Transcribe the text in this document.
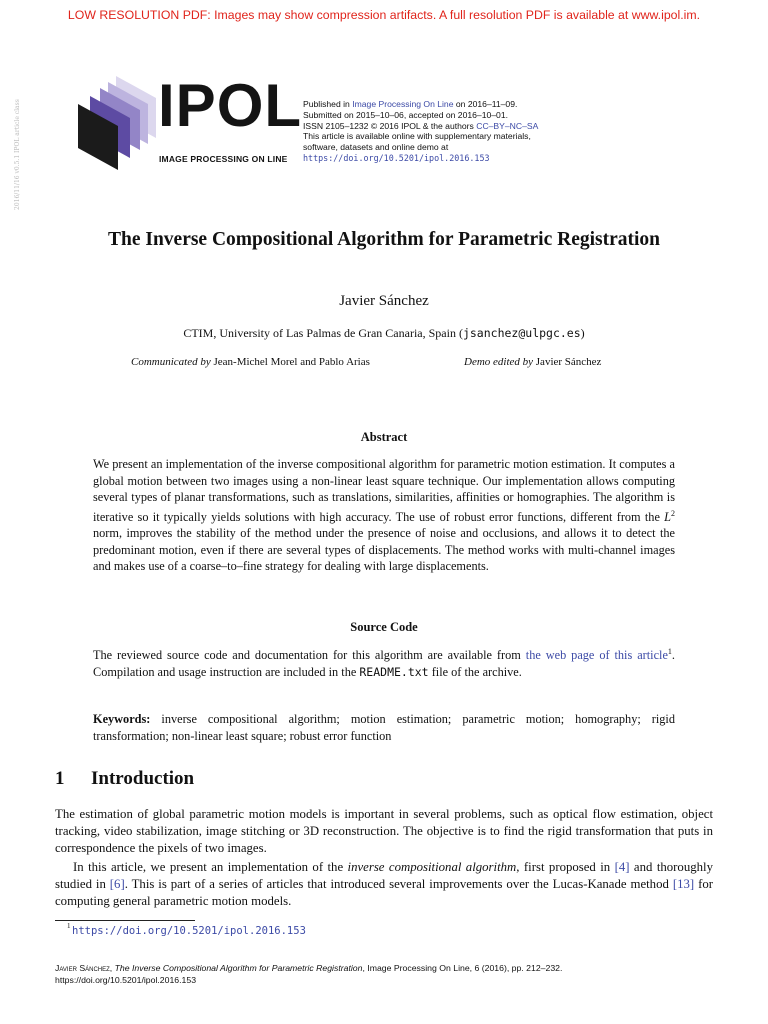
LOW RESOLUTION PDF: Images may show compression artifacts. A full resolution PDF is available at www.ipol.im.
2016/11/16 v0.5.1 IPOL article class IPOL
IMAGE PROCESSING ON LINE
Published in Image Processing On Line on 2016–11–09.
Submitted on 2015–10–06, accepted on 2016–10–01.
ISSN 2105–1232 © 2016 IPOL & the authors CC–BY–NC–SA
This article is available online with supplementary materials,
software, datasets and online demo at
https://doi.org/10.5201/ipol.2016.153
The Inverse Compositional Algorithm for Parametric Registration
Javier Sánchez
CTIM, University of Las Palmas de Gran Canaria, Spain (jsanchez@ulpgc.es)
Communicated by Jean-Michel Morel and Pablo Arias	Demo edited by Javier Sánchez
Abstract
We present an implementation of the inverse compositional algorithm for parametric motion estimation. It computes a global motion between two images using a non-linear least square technique. Our implementation allows computing several types of planar transformations, such as translations, similarities, affinities or homographies. The algorithm is iterative so it typically yields solutions with high accuracy. The use of robust error functions, different from the $L^2$ norm, improves the stability of the method under the presence of noise and occlusions, and allows it to detect the predominant motion, even if there are several types of displacements. The method works with multi-channel images and makes use of a coarse–to–fine strategy for dealing with large displacements.
Source Code
The reviewed source code and documentation for this algorithm are available from the web page of this article$^1$. Compilation and usage instruction are included in the README.txt file of the archive.
Keywords: inverse compositional algorithm; motion estimation; parametric motion; homography; rigid transformation; non-linear least square; robust error function
1 Introduction
The estimation of global parametric motion models is important in several problems, such as optical flow estimation, object tracking, video stabilization, image stitching or 3D reconstruction. The objective is to find the rigid transformation that puts in correspondence the pixels of two images.
In this article, we present an implementation of the inverse compositional algorithm, first proposed in [4] and thoroughly studied in [6]. This is part of a series of articles that introduced several improvements over the Lucas-Kanade method [13] for computing general parametric motion models.
1 https://doi.org/10.5201/ipol.2016.153
Javier Sánchez, The Inverse Compositional Algorithm for Parametric Registration, Image Processing On Line, 6 (2016), pp. 212–232.
https://doi.org/10.5201/ipol.2016.153
